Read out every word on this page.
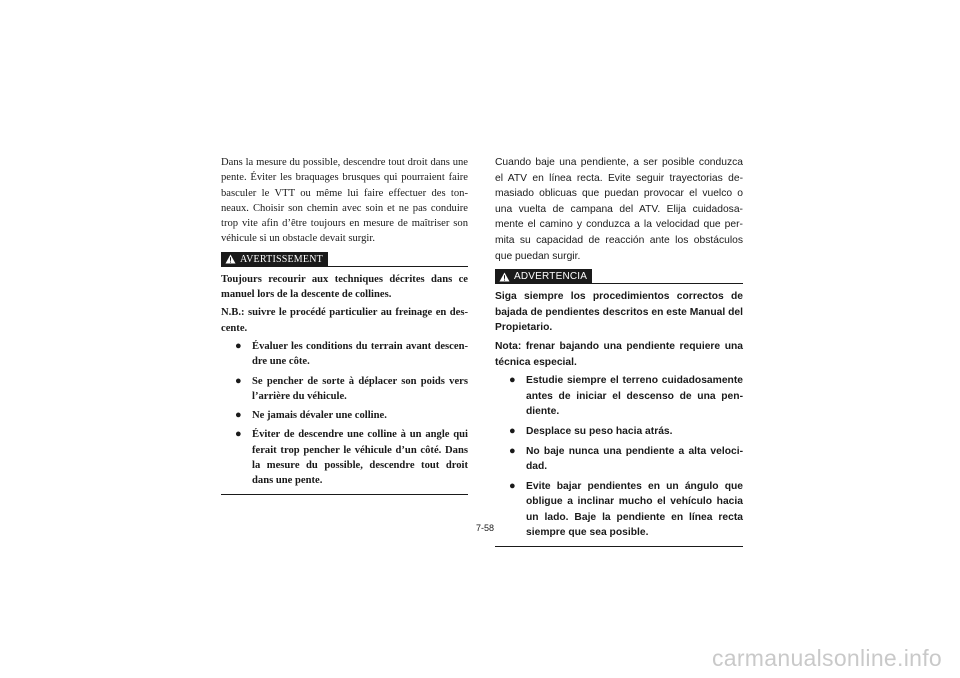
Dans la mesure du possible, descendre tout droit dans une pente. Éviter les braquages brusques qui pourraient faire basculer le VTT ou même lui faire effectuer des ton-neaux. Choisir son chemin avec soin et ne pas conduire trop vite afin d’être toujours en mesure de maîtriser son véhicule si un obstacle devait surgir.

AVERTISSEMENT

Toujours recourir aux techniques décrites dans ce manuel lors de la descente de collines.

N.B.: suivre le procédé particulier au freinage en des-cente.

● Évaluer les conditions du terrain avant descen-dre une côte.
● Se pencher de sorte à déplacer son poids vers l’arrière du véhicule.
● Ne jamais dévaler une colline.
● Éviter de descendre une colline à un angle qui ferait trop pencher le véhicule d’un côté. Dans la mesure du possible, descendre tout droit dans une pente.

Cuando baje una pendiente, a ser posible conduzca el ATV en línea recta. Evite seguir trayectorias de-masiado oblicuas que puedan provocar el vuelco o una vuelta de campana del ATV. Elija cuidadosa-mente el camino y conduzca a la velocidad que per-mita su capacidad de reacción ante los obstáculos que puedan surgir.

ADVERTENCIA

Siga siempre los procedimientos correctos de bajada de pendientes descritos en este Manual del Propietario.

Nota: frenar bajando una pendiente requiere una técnica especial.

● Estudie siempre el terreno cuidadosamente antes de iniciar el descenso de una pen-diente.
● Desplace su peso hacia atrás.
● No baje nunca una pendiente a alta veloci-dad.
● Evite bajar pendientes en un ángulo que obligue a inclinar mucho el vehículo hacia un lado. Baje la pendiente en línea recta siempre que sea posible.
7-58
carmanualsonline.info
